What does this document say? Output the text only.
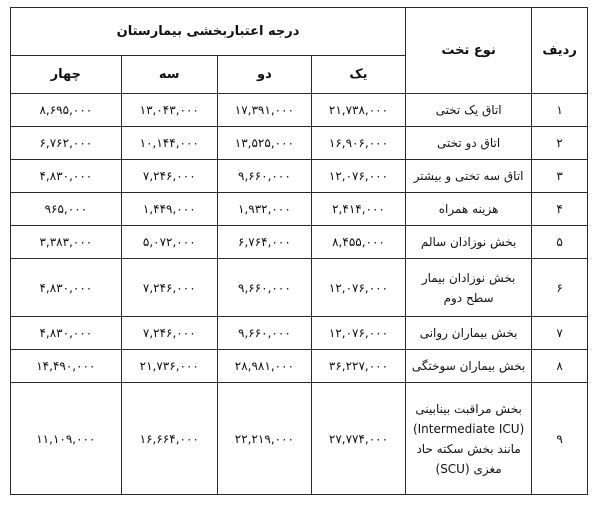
ردیف	نوع تخت	درجه اعتباربخشی بیمارستان			
		یک	دو	سه	چهار
۱	اتاق یک تختی	۲۱,۷۳۸,۰۰۰	۱۷,۳۹۱,۰۰۰	۱۳,۰۴۳,۰۰۰	۸,۶۹۵,۰۰۰
۲	اتاق دو تختی	۱۶,۹۰۶,۰۰۰	۱۳,۵۲۵,۰۰۰	۱۰,۱۴۴,۰۰۰	۶,۷۶۲,۰۰۰
۳	اتاق سه تختی و بیشتر	۱۲,۰۷۶,۰۰۰	۹,۶۶۰,۰۰۰	۷,۲۴۶,۰۰۰	۴,۸۳۰,۰۰۰
۴	هزینه همراه	۲,۴۱۴,۰۰۰	۱,۹۳۲,۰۰۰	۱,۴۴۹,۰۰۰	۹۶۵,۰۰۰
۵	بخش نوزادان سالم	۸,۴۵۵,۰۰۰	۶,۷۶۴,۰۰۰	۵,۰۷۲,۰۰۰	۳,۳۸۳,۰۰۰
۶	بخش نوزادان بیمار سطح دوم	۱۲,۰۷۶,۰۰۰	۹,۶۶۰,۰۰۰	۷,۲۴۶,۰۰۰	۴,۸۳۰,۰۰۰
۷	بخش بیماران روانی	۱۲,۰۷۶,۰۰۰	۹,۶۶۰,۰۰۰	۷,۲۴۶,۰۰۰	۴,۸۳۰,۰۰۰
۸	بخش بیماران سوختگی	۳۶,۲۲۷,۰۰۰	۲۸,۹۸۱,۰۰۰	۲۱,۷۳۶,۰۰۰	۱۴,۴۹۰,۰۰۰
۹	بخش مراقبت بینابینی (Intermediate ICU) مانند بخش سکته حاد مغزی (SCU)	۲۷,۷۷۴,۰۰۰	۲۲,۲۱۹,۰۰۰	۱۶,۶۶۴,۰۰۰	۱۱,۱۰۹,۰۰۰
